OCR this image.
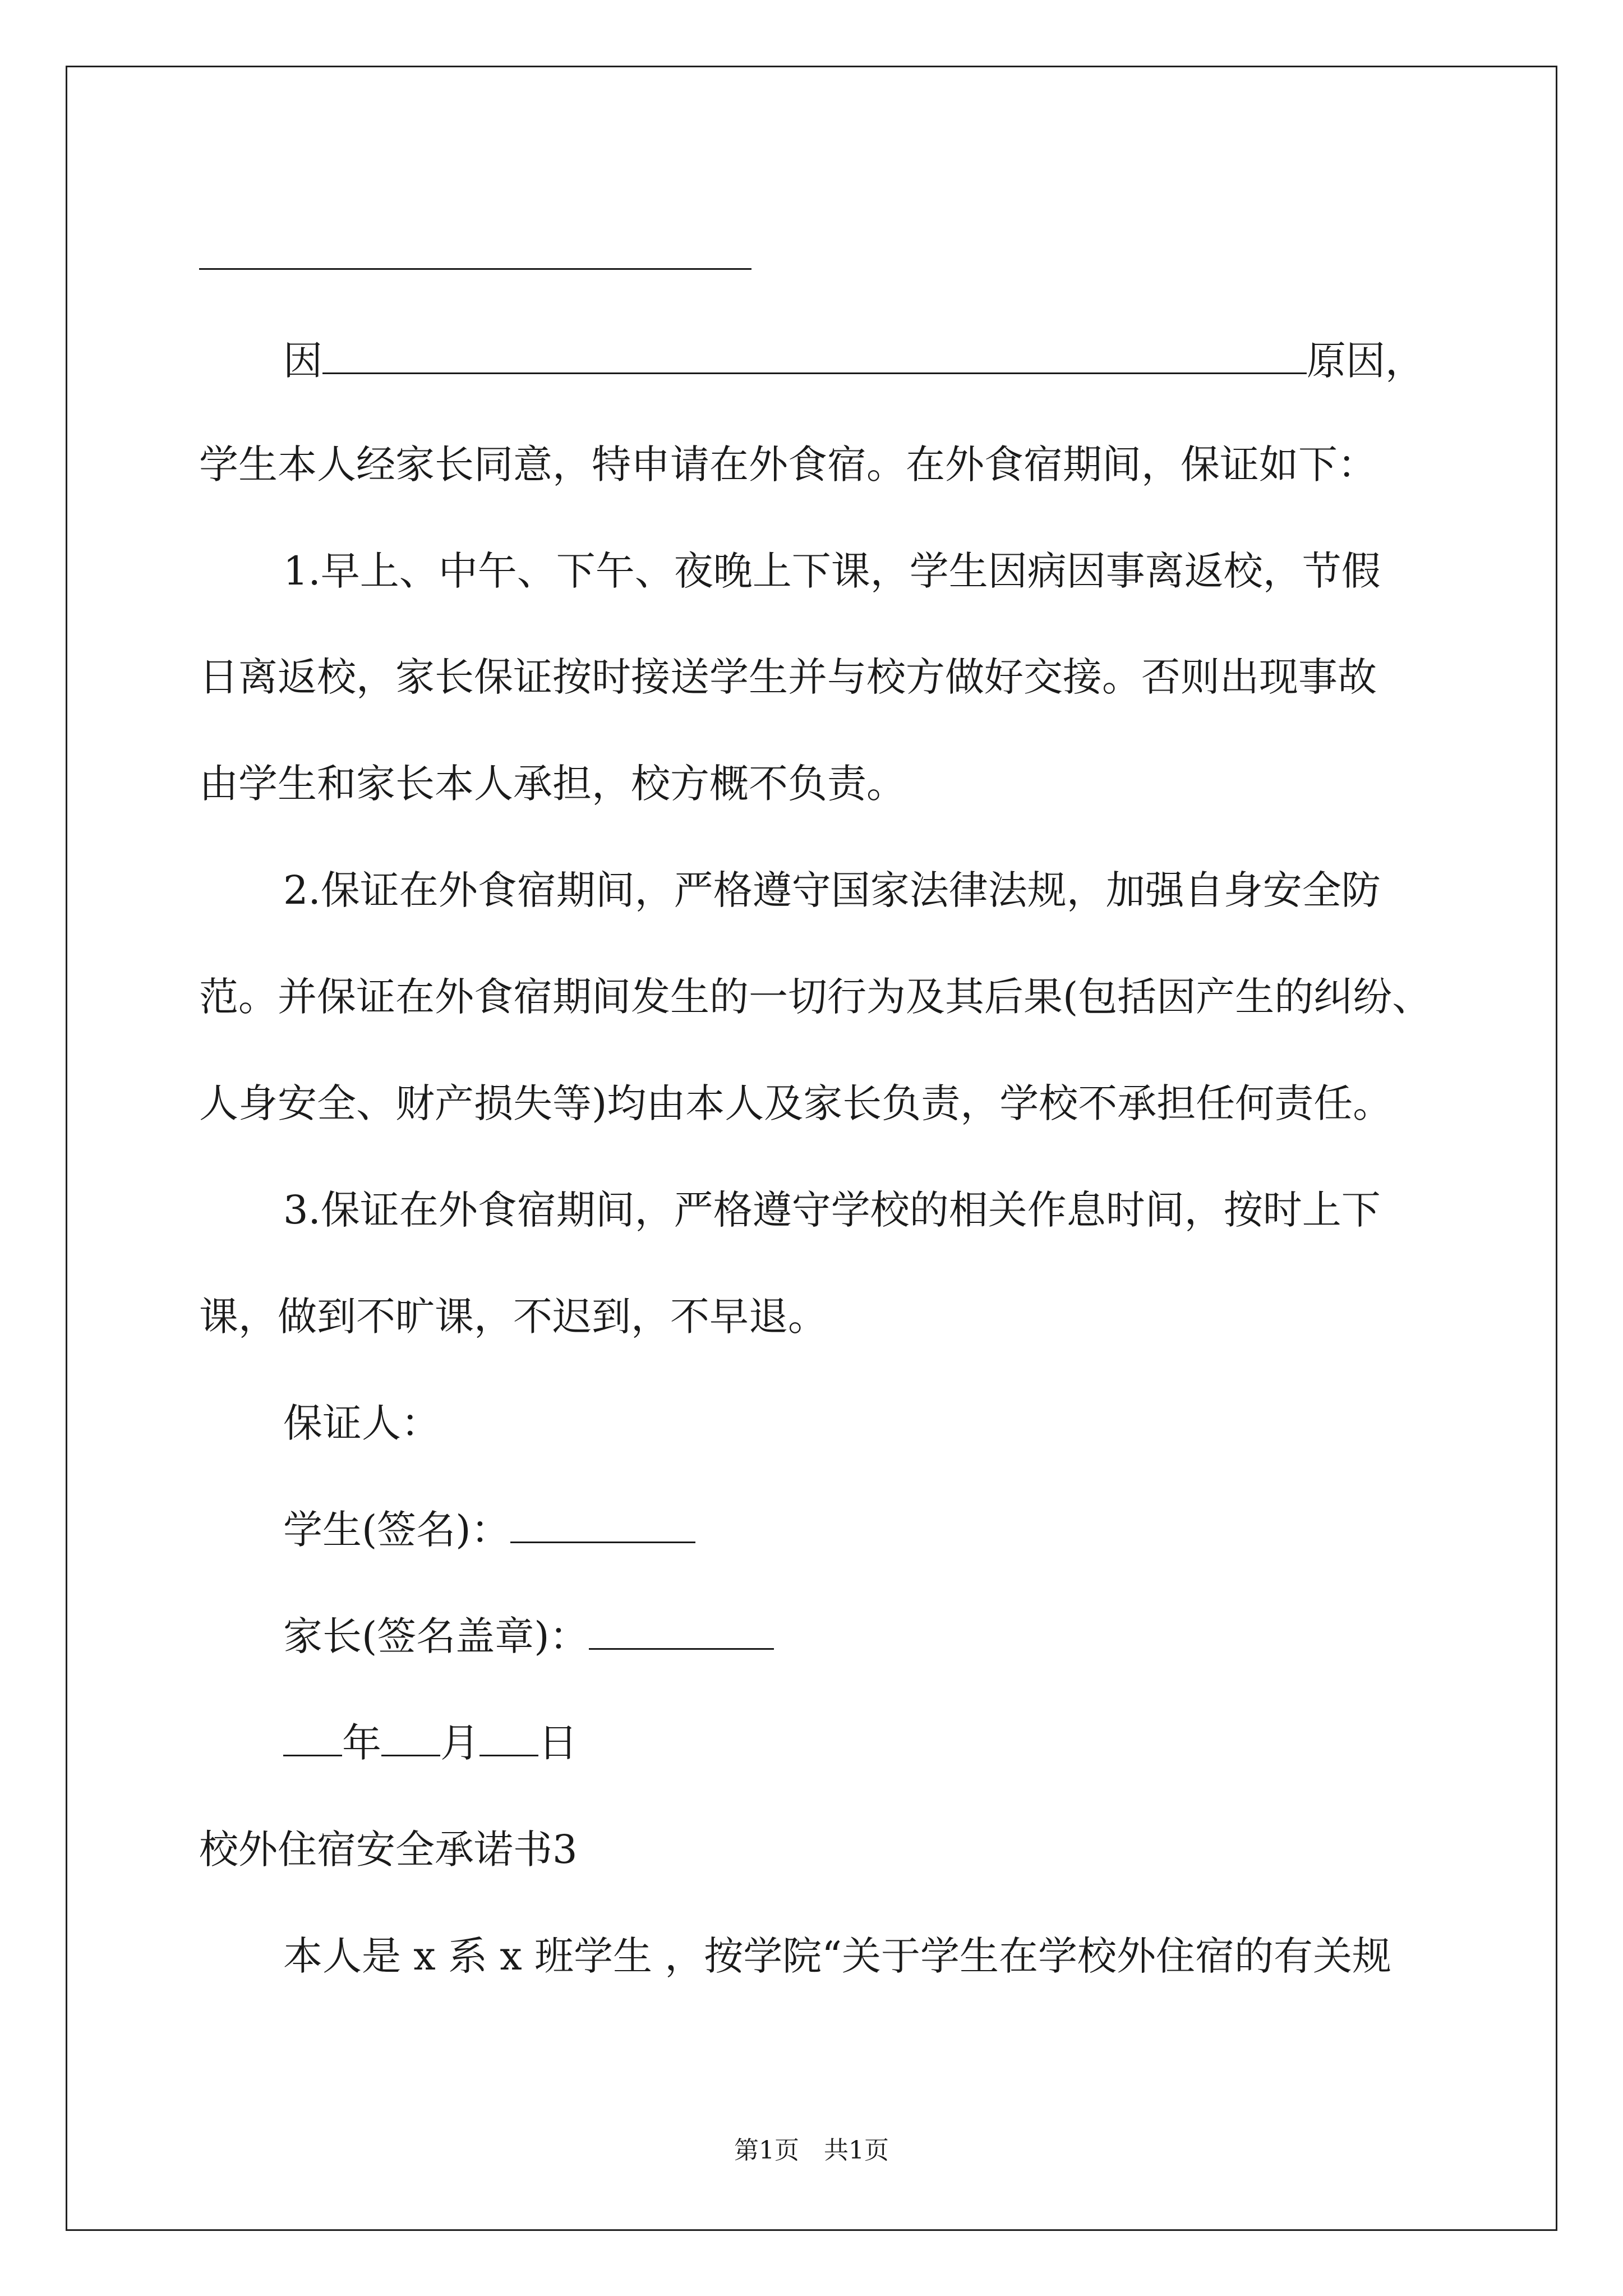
因	原因，
学生本人经家长同意，特申请在外食宿。在外食宿期间，保证如下：
1.早上、中午、下午、夜晚上下课，学生因病因事离返校，节假
日离返校，家长保证按时接送学生并与校方做好交接。否则出现事故
由学生和家长本人承担，校方概不负责。
2.保证在外食宿期间，严格遵守国家法律法规，加强自身安全防
范。并保证在外食宿期间发生的一切行为及其后果(包括因产生的纠纷、
人身安全、财产损失等)均由本人及家长负责，学校不承担任何责任。
3.保证在外食宿期间，严格遵守学校的相关作息时间，按时上下
课，做到不旷课，不迟到，不早退。
保证人：
学生(签名)：
家长(签名盖章)：
年 月 日
校外住宿安全承诺书3
本人是 x 系 x 班学生 ，按学院“关于学生在学校外住宿的有关规
第1页　共1页
